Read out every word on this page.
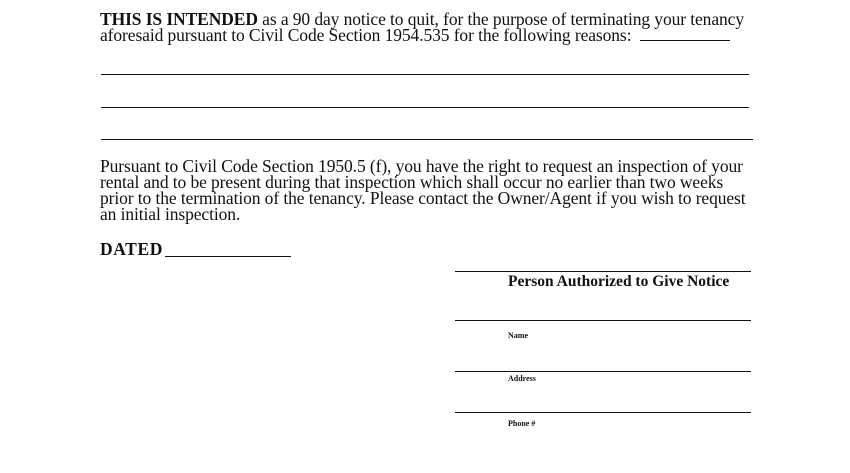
THIS IS INTENDED as a 90 day notice to quit, for the purpose of terminating your tenancy
aforesaid pursuant to Civil Code Section 1954.535 for the following reasons:
Pursuant to Civil Code Section 1950.5 (f), you have the right to request an inspection of your
rental and to be present during that inspection which shall occur no earlier than two weeks
prior to the termination of the tenancy. Please contact the Owner/Agent if you wish to request
an initial inspection.
DATED
Person Authorized to Give Notice
Name
Address
Phone #
